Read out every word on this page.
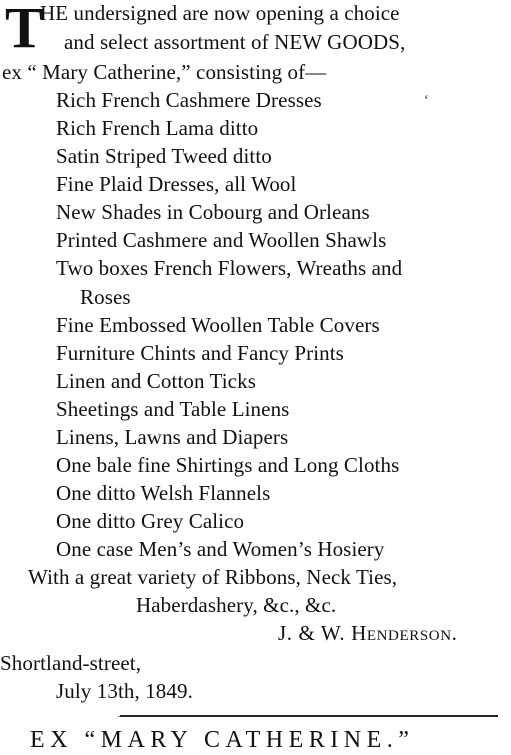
T
HE undersigned are now opening a choice
and select assortment of NEW GOODS,
ex “ Mary Catherine,” consisting of—
ʻ
Rich French Cashmere Dresses
Rich French Lama ditto
Satin Striped Tweed ditto
Fine Plaid Dresses, all Wool
New Shades in Cobourg and Orleans
Printed Cashmere and Woollen Shawls
Two boxes French Flowers, Wreaths and
Roses
Fine Embossed Woollen Table Covers
Furniture Chints and Fancy Prints
Linen and Cotton Ticks
Sheetings and Table Linens
Linens, Lawns and Diapers
One bale fine Shirtings and Long Cloths
One ditto Welsh Flannels
One ditto Grey Calico
One case Men’s and Women’s Hosiery
With a great variety of Ribbons, Neck Ties,
Haberdashery, &c., &c.
J. & W. Henderson.
Shortland-street,
July 13th, 1849.
EX “MARY CATHERINE.”
